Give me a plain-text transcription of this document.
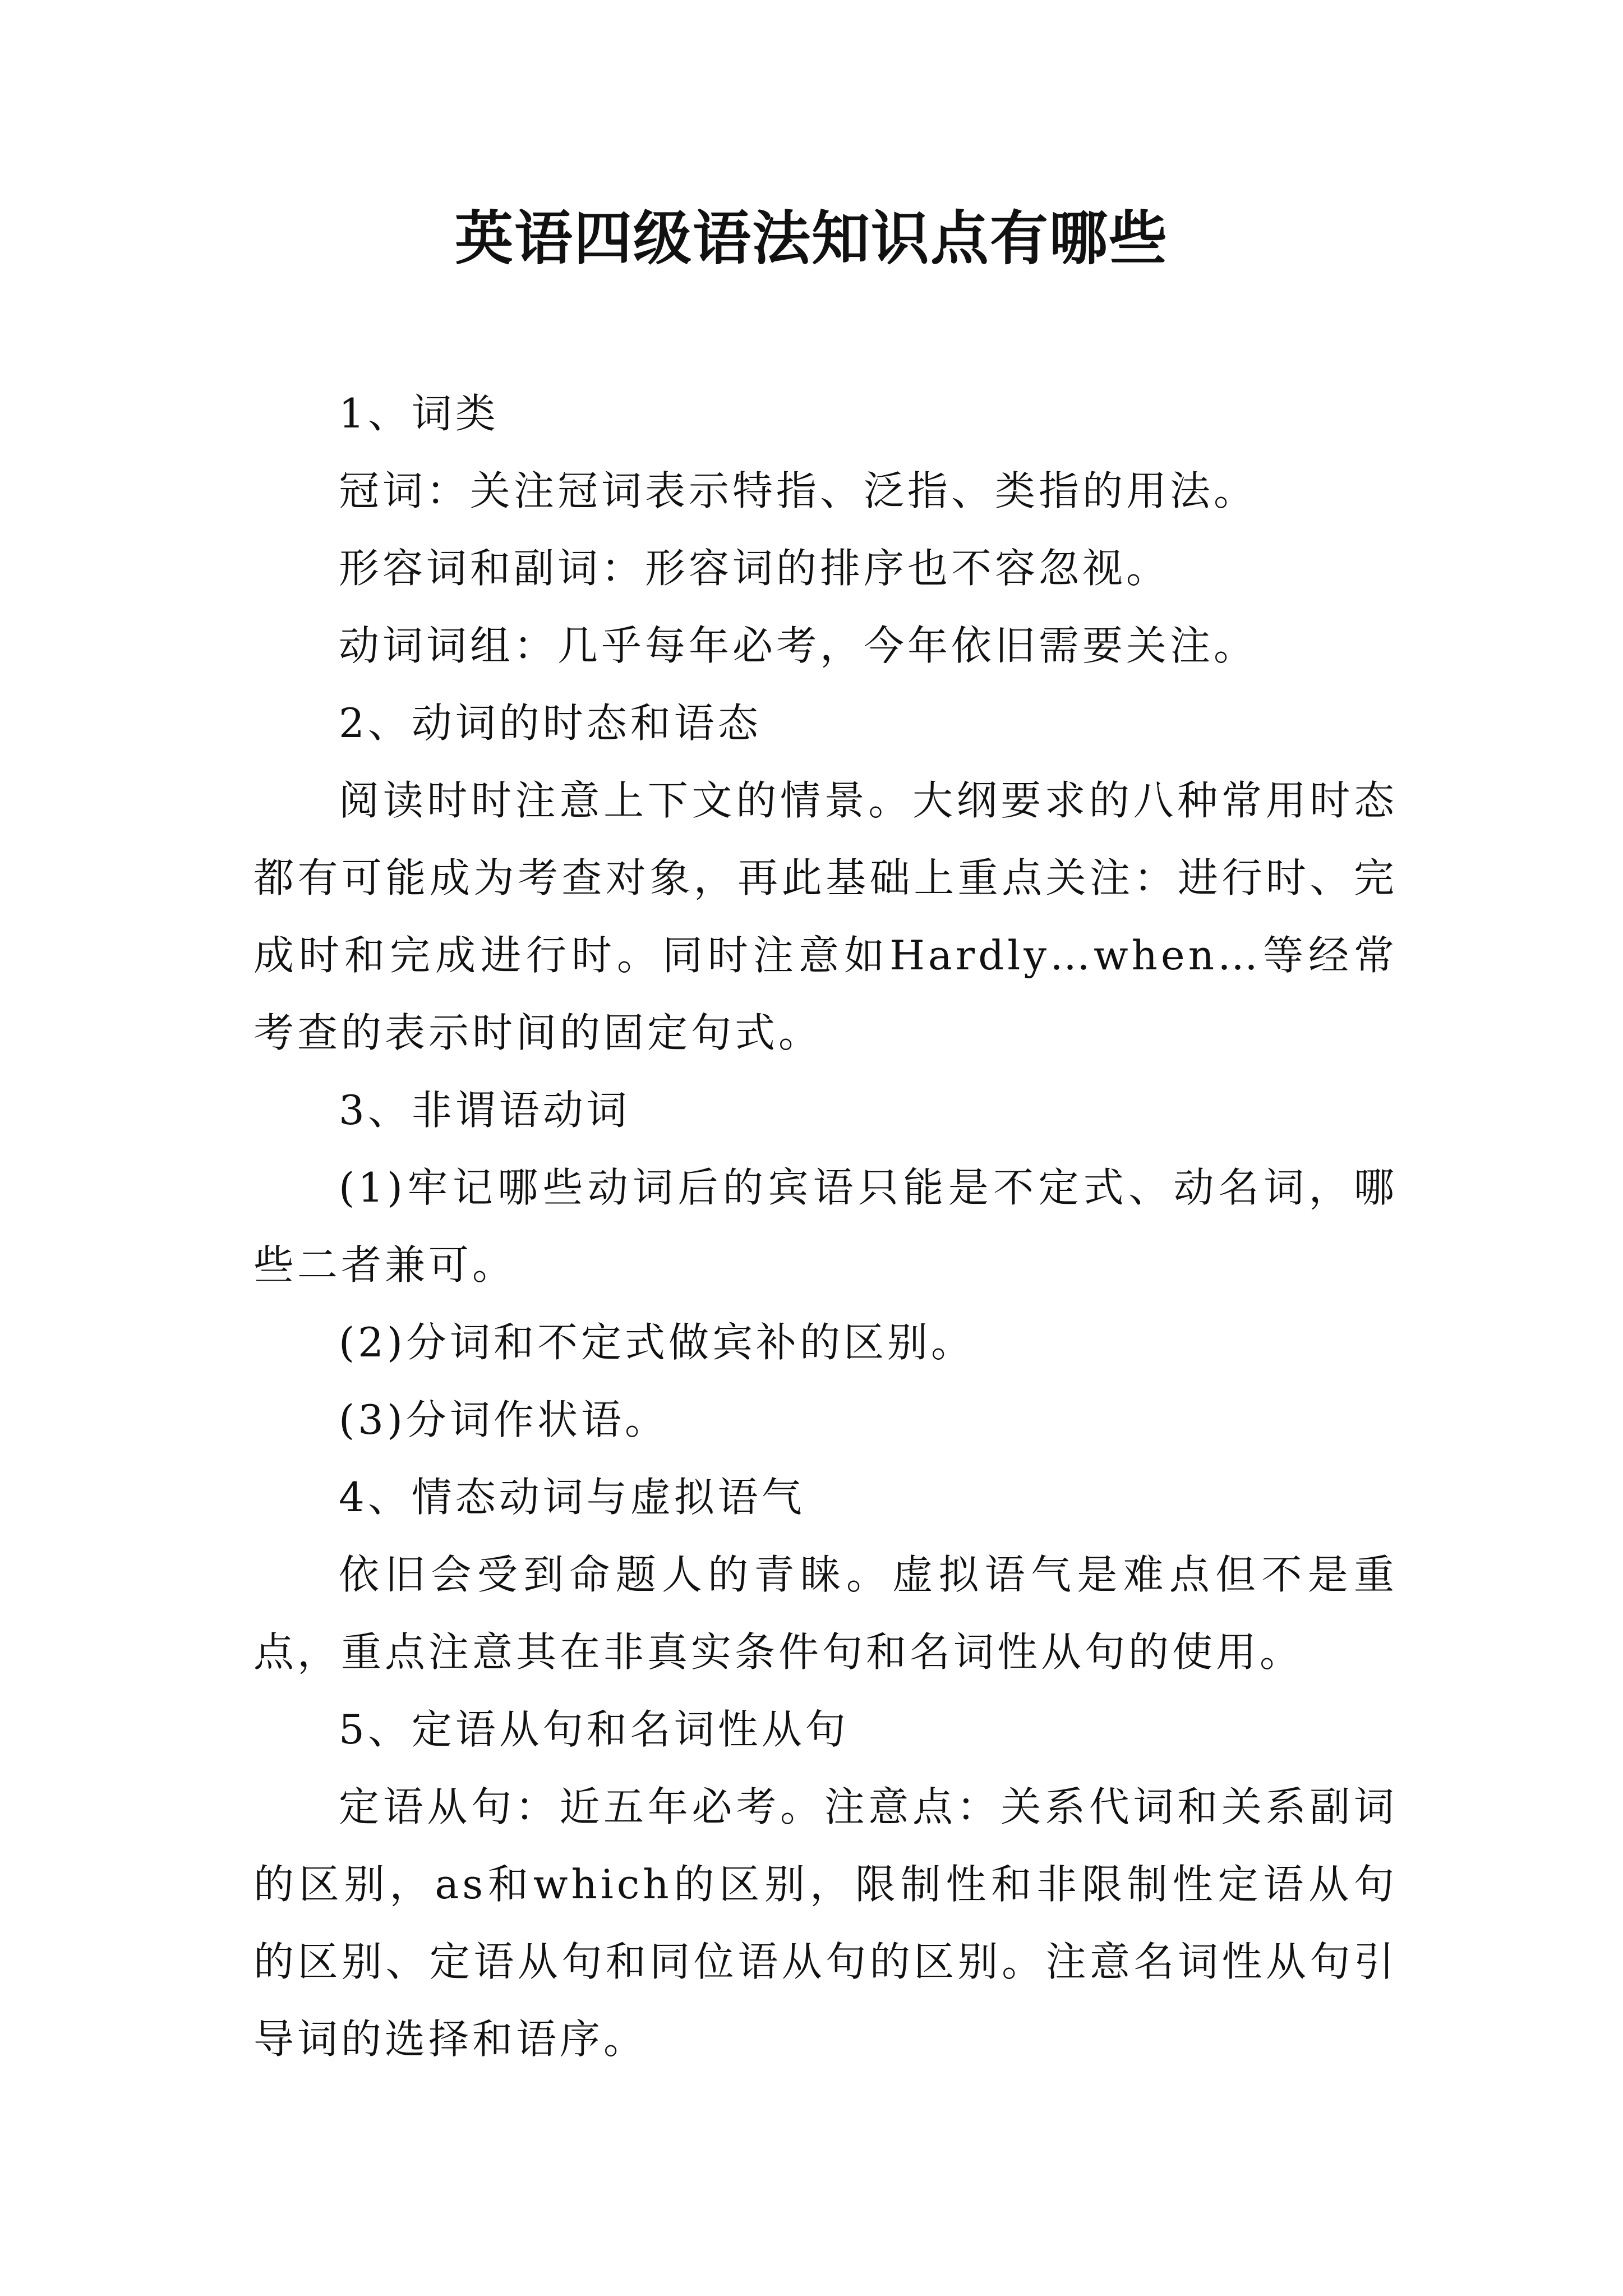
英语四级语法知识点有哪些

1、词类

冠词：关注冠词表示特指、泛指、类指的用法。

形容词和副词：形容词的排序也不容忽视。

动词词组：几乎每年必考，今年依旧需要关注。

2、动词的时态和语态

阅读时时注意上下文的情景。大纲要求的八种常用时态都有可能成为考查对象，再此基础上重点关注：进行时、完成时和完成进行时。同时注意如Hardly…when…等经常考查的表示时间的固定句式。

3、非谓语动词

(1)牢记哪些动词后的宾语只能是不定式、动名词，哪些二者兼可。

(2)分词和不定式做宾补的区别。

(3)分词作状语。

4、情态动词与虚拟语气

依旧会受到命题人的青睐。虚拟语气是难点但不是重点，重点注意其在非真实条件句和名词性从句的使用。

5、定语从句和名词性从句

定语从句：近五年必考。注意点：关系代词和关系副词的区别，as和which的区别，限制性和非限制性定语从句的区别、定语从句和同位语从句的区别。注意名词性从句引导词的选择和语序。
